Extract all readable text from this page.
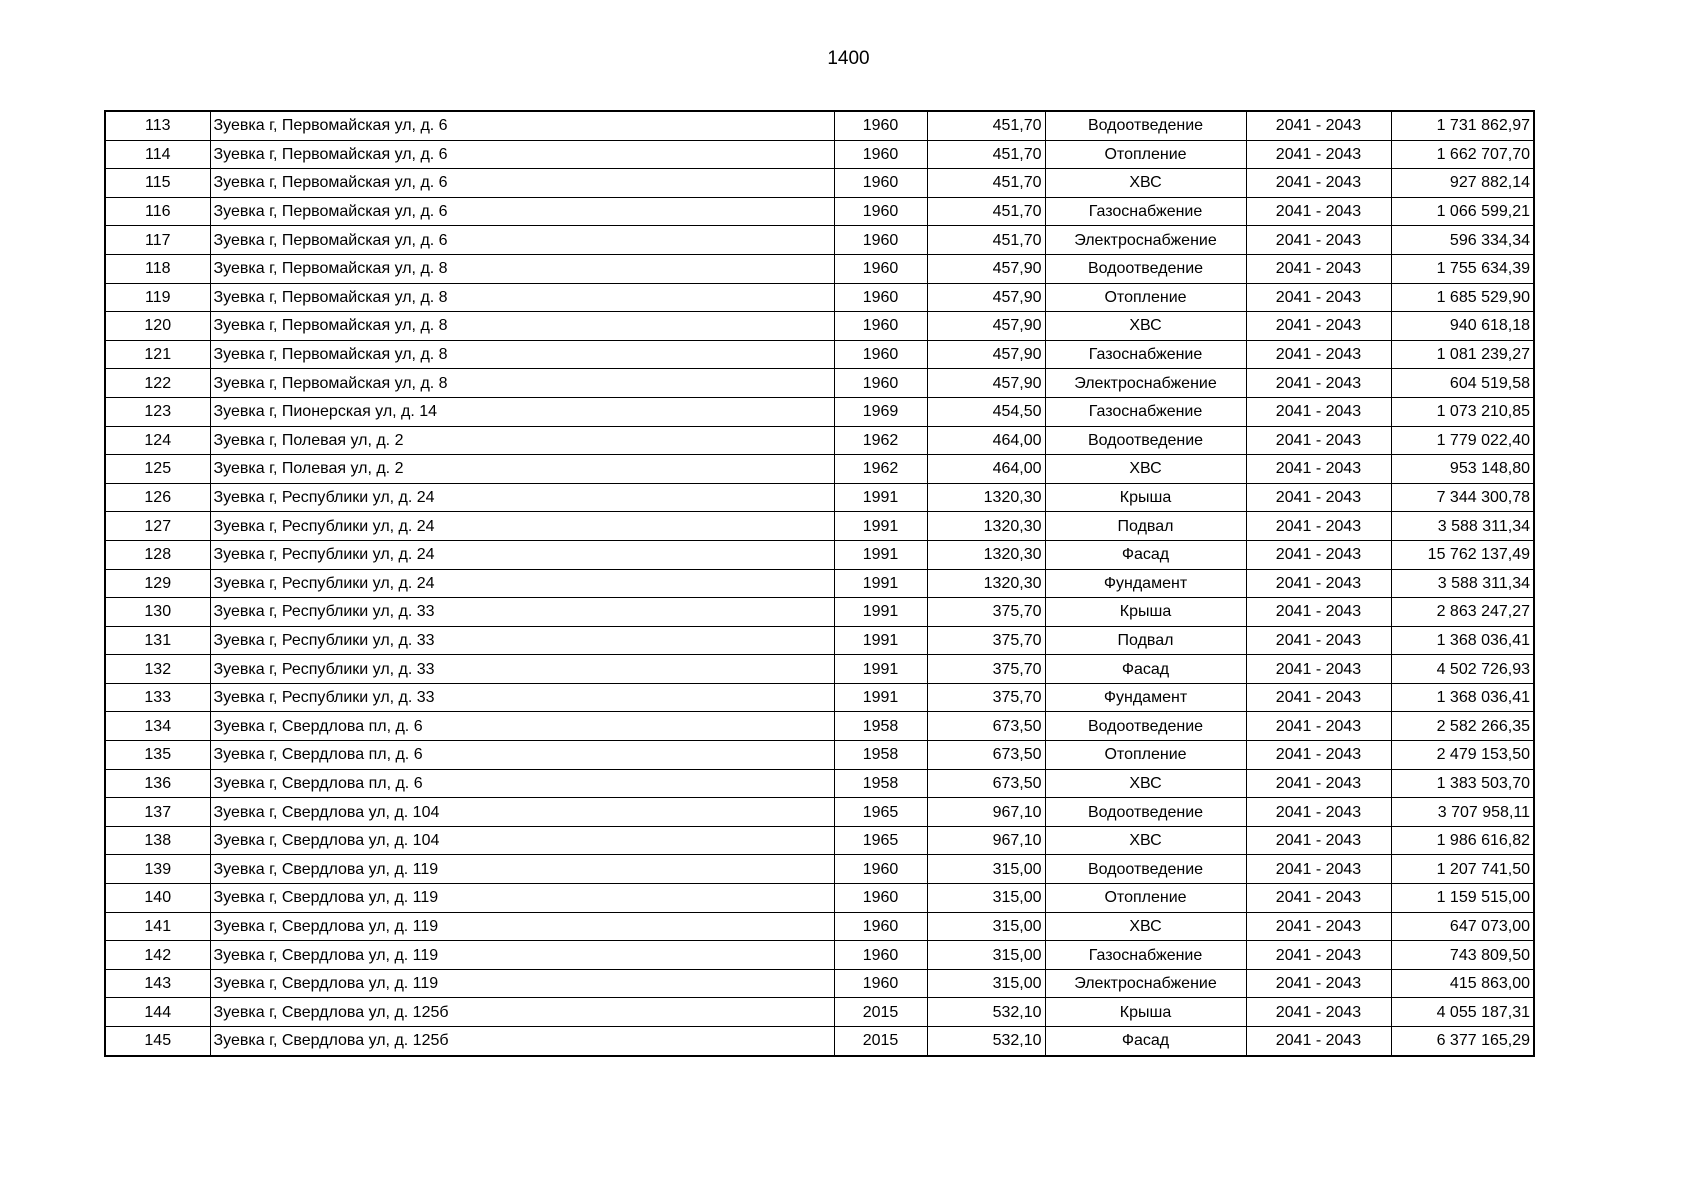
1400
113	Зуевка г, Первомайская ул, д. 6	1960	451,70	Водоотведение	2041 - 2043	1 731 862,97
114	Зуевка г, Первомайская ул, д. 6	1960	451,70	Отопление	2041 - 2043	1 662 707,70
115	Зуевка г, Первомайская ул, д. 6	1960	451,70	ХВС	2041 - 2043	927 882,14
116	Зуевка г, Первомайская ул, д. 6	1960	451,70	Газоснабжение	2041 - 2043	1 066 599,21
117	Зуевка г, Первомайская ул, д. 6	1960	451,70	Электроснабжение	2041 - 2043	596 334,34
118	Зуевка г, Первомайская ул, д. 8	1960	457,90	Водоотведение	2041 - 2043	1 755 634,39
119	Зуевка г, Первомайская ул, д. 8	1960	457,90	Отопление	2041 - 2043	1 685 529,90
120	Зуевка г, Первомайская ул, д. 8	1960	457,90	ХВС	2041 - 2043	940 618,18
121	Зуевка г, Первомайская ул, д. 8	1960	457,90	Газоснабжение	2041 - 2043	1 081 239,27
122	Зуевка г, Первомайская ул, д. 8	1960	457,90	Электроснабжение	2041 - 2043	604 519,58
123	Зуевка г, Пионерская ул, д. 14	1969	454,50	Газоснабжение	2041 - 2043	1 073 210,85
124	Зуевка г, Полевая ул, д. 2	1962	464,00	Водоотведение	2041 - 2043	1 779 022,40
125	Зуевка г, Полевая ул, д. 2	1962	464,00	ХВС	2041 - 2043	953 148,80
126	Зуевка г, Республики ул, д. 24	1991	1320,30	Крыша	2041 - 2043	7 344 300,78
127	Зуевка г, Республики ул, д. 24	1991	1320,30	Подвал	2041 - 2043	3 588 311,34
128	Зуевка г, Республики ул, д. 24	1991	1320,30	Фасад	2041 - 2043	15 762 137,49
129	Зуевка г, Республики ул, д. 24	1991	1320,30	Фундамент	2041 - 2043	3 588 311,34
130	Зуевка г, Республики ул, д. 33	1991	375,70	Крыша	2041 - 2043	2 863 247,27
131	Зуевка г, Республики ул, д. 33	1991	375,70	Подвал	2041 - 2043	1 368 036,41
132	Зуевка г, Республики ул, д. 33	1991	375,70	Фасад	2041 - 2043	4 502 726,93
133	Зуевка г, Республики ул, д. 33	1991	375,70	Фундамент	2041 - 2043	1 368 036,41
134	Зуевка г, Свердлова пл, д. 6	1958	673,50	Водоотведение	2041 - 2043	2 582 266,35
135	Зуевка г, Свердлова пл, д. 6	1958	673,50	Отопление	2041 - 2043	2 479 153,50
136	Зуевка г, Свердлова пл, д. 6	1958	673,50	ХВС	2041 - 2043	1 383 503,70
137	Зуевка г, Свердлова ул, д. 104	1965	967,10	Водоотведение	2041 - 2043	3 707 958,11
138	Зуевка г, Свердлова ул, д. 104	1965	967,10	ХВС	2041 - 2043	1 986 616,82
139	Зуевка г, Свердлова ул, д. 119	1960	315,00	Водоотведение	2041 - 2043	1 207 741,50
140	Зуевка г, Свердлова ул, д. 119	1960	315,00	Отопление	2041 - 2043	1 159 515,00
141	Зуевка г, Свердлова ул, д. 119	1960	315,00	ХВС	2041 - 2043	647 073,00
142	Зуевка г, Свердлова ул, д. 119	1960	315,00	Газоснабжение	2041 - 2043	743 809,50
143	Зуевка г, Свердлова ул, д. 119	1960	315,00	Электроснабжение	2041 - 2043	415 863,00
144	Зуевка г, Свердлова ул, д. 125б	2015	532,10	Крыша	2041 - 2043	4 055 187,31
145	Зуевка г, Свердлова ул, д. 125б	2015	532,10	Фасад	2041 - 2043	6 377 165,29
